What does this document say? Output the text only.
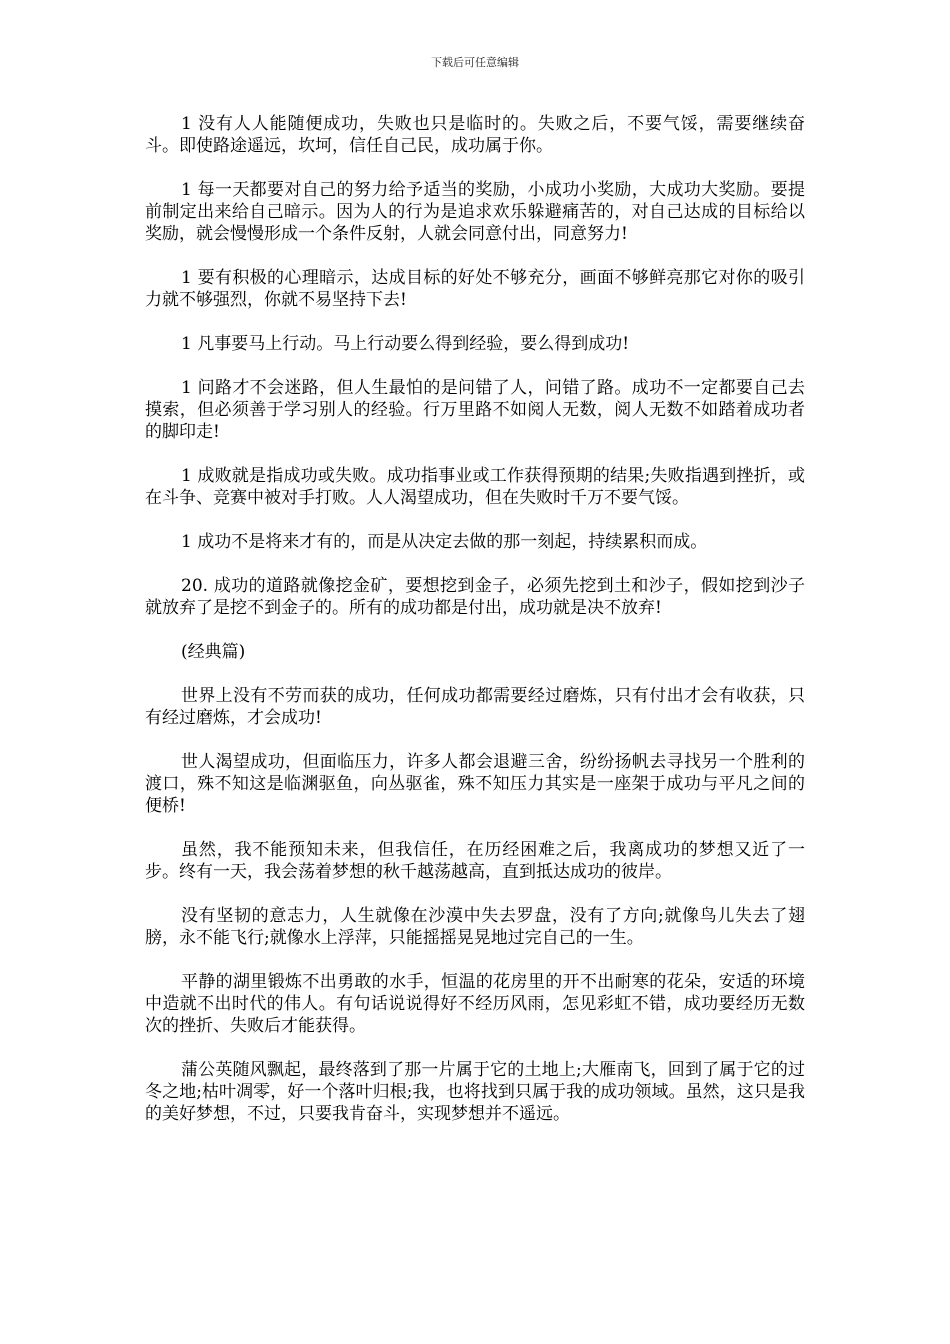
下载后可任意编辑

1 没有人人能随便成功，失败也只是临时的。失败之后，不要气馁，需要继续奋斗。即使路途遥远，坎坷，信任自己民，成功属于你。

1 每一天都要对自己的努力给予适当的奖励，小成功小奖励，大成功大奖励。要提前制定出来给自己暗示。因为人的行为是追求欢乐躲避痛苦的，对自己达成的目标给以奖励，就会慢慢形成一个条件反射，人就会同意付出，同意努力!

1 要有积极的心理暗示，达成目标的好处不够充分，画面不够鲜亮那它对你的吸引力就不够强烈，你就不易坚持下去!

1 凡事要马上行动。马上行动要么得到经验，要么得到成功!

1 问路才不会迷路，但人生最怕的是问错了人，问错了路。成功不一定都要自己去摸索，但必须善于学习别人的经验。行万里路不如阅人无数，阅人无数不如踏着成功者的脚印走!

1 成败就是指成功或失败。成功指事业或工作获得预期的结果;失败指遇到挫折，或在斗争、竞赛中被对手打败。人人渴望成功，但在失败时千万不要气馁。

1 成功不是将来才有的，而是从决定去做的那一刻起，持续累积而成。

20. 成功的道路就像挖金矿，要想挖到金子，必须先挖到土和沙子，假如挖到沙子就放弃了是挖不到金子的。所有的成功都是付出，成功就是决不放弃!

(经典篇)

世界上没有不劳而获的成功，任何成功都需要经过磨炼，只有付出才会有收获，只有经过磨炼，才会成功!

世人渴望成功，但面临压力，许多人都会退避三舍，纷纷扬帆去寻找另一个胜利的渡口，殊不知这是临渊驱鱼，向丛驱雀，殊不知压力其实是一座架于成功与平凡之间的便桥!

虽然，我不能预知未来，但我信任，在历经困难之后，我离成功的梦想又近了一步。终有一天，我会荡着梦想的秋千越荡越高，直到抵达成功的彼岸。

没有坚韧的意志力，人生就像在沙漠中失去罗盘，没有了方向;就像鸟儿失去了翅膀，永不能飞行;就像水上浮萍，只能摇摇晃晃地过完自己的一生。

平静的湖里锻炼不出勇敢的水手，恒温的花房里的开不出耐寒的花朵，安适的环境中造就不出时代的伟人。有句话说说得好不经历风雨，怎见彩虹不错，成功要经历无数次的挫折、失败后才能获得。

蒲公英随风飘起，最终落到了那一片属于它的土地上;大雁南飞，回到了属于它的过冬之地;枯叶凋零，好一个落叶归根;我，也将找到只属于我的成功领域。虽然，这只是我的美好梦想，不过，只要我肯奋斗，实现梦想并不遥远。
